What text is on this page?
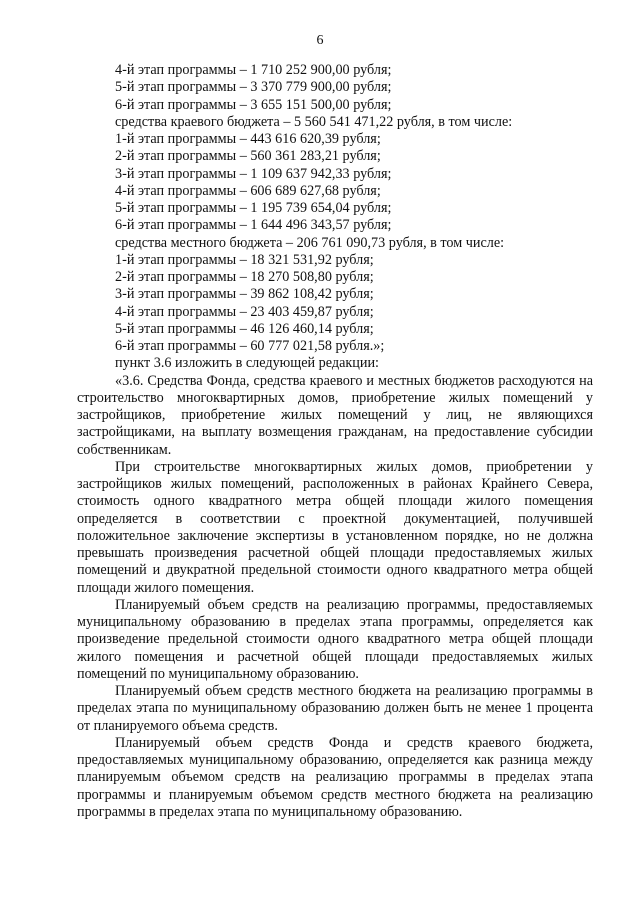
6
4-й этап программы – 1 710 252 900,00 рубля;
5-й этап программы – 3 370 779 900,00 рубля;
6-й этап программы – 3 655 151 500,00 рубля;
средства краевого бюджета – 5 560 541 471,22 рубля, в том числе:
1-й этап программы – 443 616 620,39 рубля;
2-й этап программы – 560 361 283,21 рубля;
3-й этап программы – 1 109 637 942,33 рубля;
4-й этап программы – 606 689 627,68 рубля;
5-й этап программы – 1 195 739 654,04 рубля;
6-й этап программы – 1 644 496 343,57 рубля;
средства местного бюджета – 206 761 090,73 рубля, в том числе:
1-й этап программы – 18 321 531,92 рубля;
2-й этап программы – 18 270 508,80 рубля;
3-й этап программы – 39 862 108,42 рубля;
4-й этап программы – 23 403 459,87 рубля;
5-й этап программы – 46 126 460,14 рубля;
6-й этап программы – 60 777 021,58 рубля.»;
пункт 3.6 изложить в следующей редакции:

«3.6. Средства Фонда, средства краевого и местных бюджетов расходуются на строительство многоквартирных домов, приобретение жилых помещений у застройщиков, приобретение жилых помещений у лиц, не являющихся застройщиками, на выплату возмещения гражданам, на предоставление субсидии собственникам.

При строительстве многоквартирных жилых домов, приобретении у застройщиков жилых помещений, расположенных в районах Крайнего Севера, стоимость одного квадратного метра общей площади жилого помещения определяется в соответствии с проектной документацией, получившей положительное заключение экспертизы в установленном порядке, но не должна превышать произведения расчетной общей площади предоставляемых жилых помещений и двукратной предельной стоимости одного квадратного метра общей площади жилого помещения.

Планируемый объем средств на реализацию программы, предоставляемых муниципальному образованию в пределах этапа программы, определяется как произведение предельной стоимости одного квадратного метра общей площади жилого помещения и расчетной общей площади предоставляемых жилых помещений по муниципальному образованию.

Планируемый объем средств местного бюджета на реализацию программы в пределах этапа по муниципальному образованию должен быть не менее 1 процента от планируемого объема средств.

Планируемый объем средств Фонда и средств краевого бюджета, предоставляемых муниципальному образованию, определяется как разница между планируемым объемом средств на реализацию программы в пределах этапа программы и планируемым объемом средств местного бюджета на реализацию программы в пределах этапа по муниципальному образованию.
